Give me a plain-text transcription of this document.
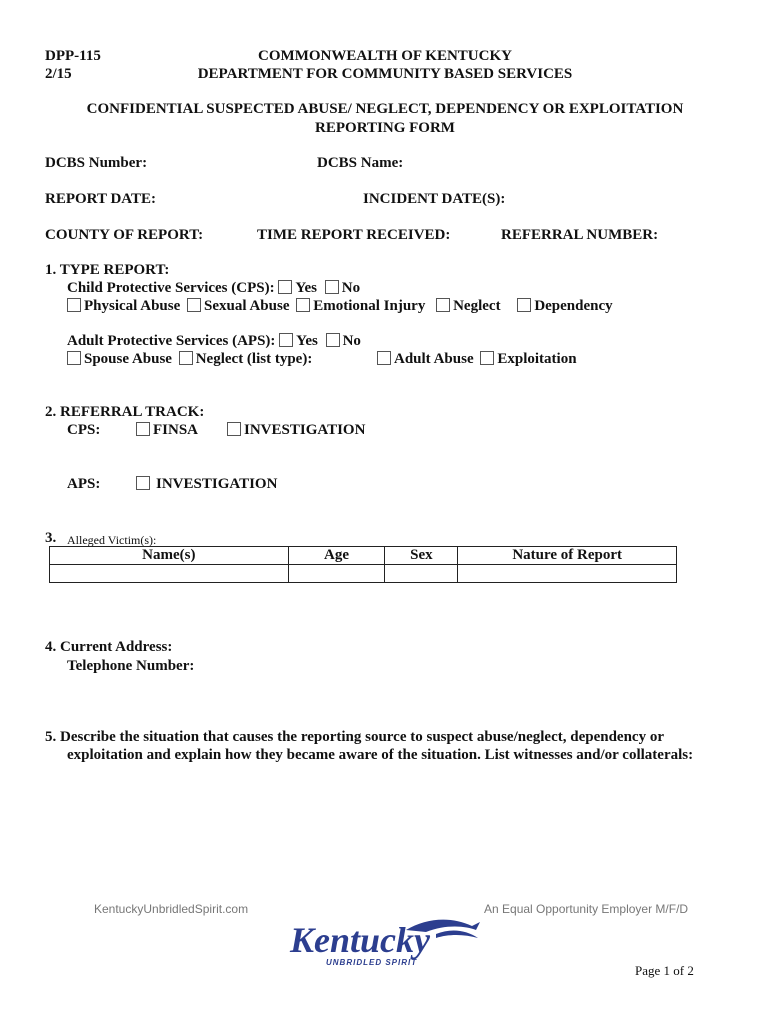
DPP-115
2/15
COMMONWEALTH OF KENTUCKY
DEPARTMENT FOR COMMUNITY BASED SERVICES
CONFIDENTIAL SUSPECTED ABUSE/ NEGLECT, DEPENDENCY OR EXPLOITATION
REPORTING FORM
DCBS Number:	DCBS Name:
REPORT DATE:	INCIDENT DATE(S):
COUNTY OF REPORT:	TIME REPORT RECEIVED:	REFERRAL NUMBER:
1. TYPE REPORT:
Child Protective Services (CPS): Yes No
Physical Abuse Sexual Abuse Emotional Injury Neglect Dependency
Adult Protective Services (APS): Yes No
Spouse Abuse Neglect (list type):	Adult Abuse Exploitation
2. REFERRAL TRACK:
CPS:	FINSA	INVESTIGATION
APS:	INVESTIGATION
3. Alleged Victim(s):
Name(s)	Age	Sex	Nature of Report

4. Current Address:
Telephone Number:
5. Describe the situation that causes the reporting source to suspect abuse/neglect, dependency or
exploitation and explain how they became aware of the situation. List witnesses and/or collaterals:
KentuckyUnbridledSpirit.com	An Equal Opportunity Employer M/F/D
Kentucky
UNBRIDLED SPIRIT
Page 1 of 2
